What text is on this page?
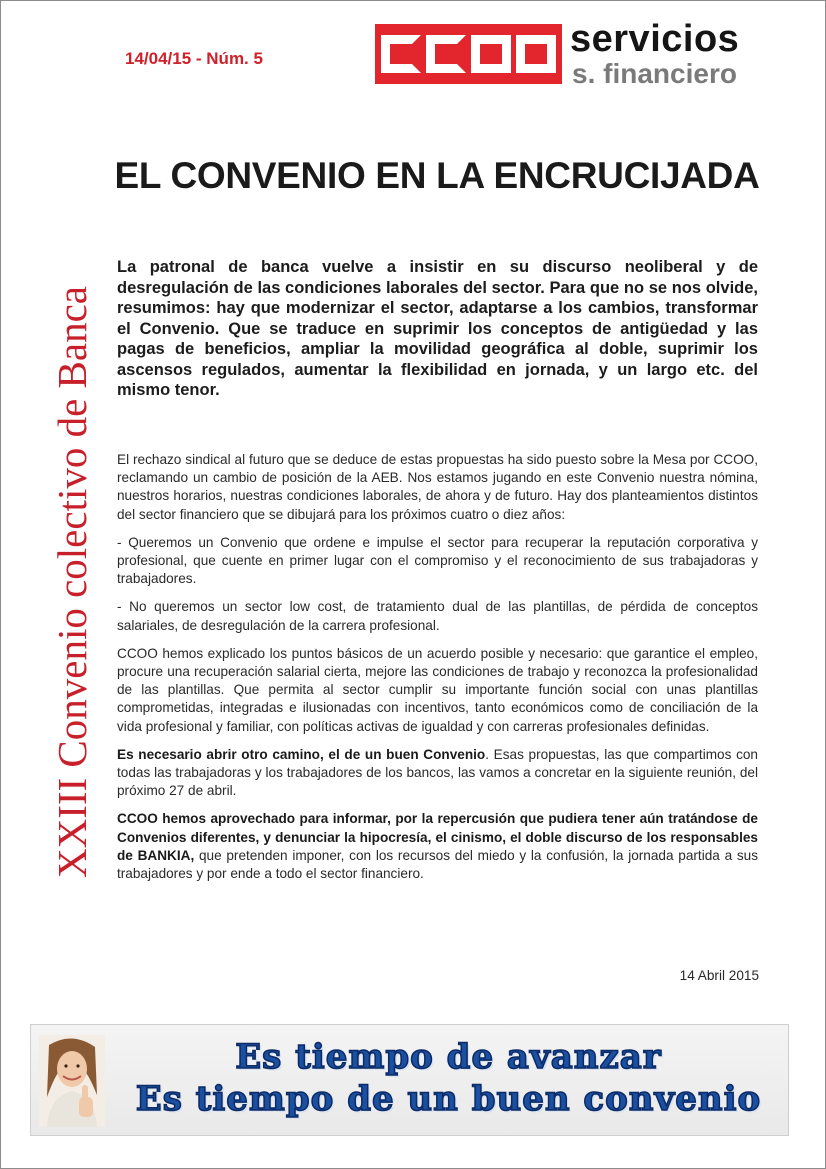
14/04/15 - Núm. 5	servicios
s. financiero
EL CONVENIO EN LA ENCRUCIJADA
XXIII Convenio colectivo de Banca

La patronal de banca vuelve a insistir en su discurso neoliberal y de desregulación de las condiciones laborales del sector. Para que no se nos olvide, resumimos: hay que modernizar el sector, adaptarse a los cambios, transformar el Convenio. Que se traduce en suprimir los conceptos de antigüedad y las pagas de beneficios, ampliar la movilidad geográfica al doble, suprimir los ascensos regulados, aumentar la flexibilidad en jornada, y un largo etc. del mismo tenor.

El rechazo sindical al futuro que se deduce de estas propuestas ha sido puesto sobre la Mesa por CCOO, reclamando un cambio de posición de la AEB. Nos estamos jugando en este Convenio nuestra nómina, nuestros horarios, nuestras condiciones laborales, de ahora y de futuro. Hay dos planteamientos distintos del sector financiero que se dibujará para los próximos cuatro o diez años:

- Queremos un Convenio que ordene e impulse el sector para recuperar la reputación corporativa y profesional, que cuente en primer lugar con el compromiso y el reconocimiento de sus trabajadoras y trabajadores.

- No queremos un sector low cost, de tratamiento dual de las plantillas, de pérdida de conceptos salariales, de desregulación de la carrera profesional.

CCOO hemos explicado los puntos básicos de un acuerdo posible y necesario: que garantice el empleo, procure una recuperación salarial cierta, mejore las condiciones de trabajo y reconozca la profesionalidad de las plantillas. Que permita al sector cumplir su importante función social con unas plantillas comprometidas, integradas e ilusionadas con incentivos, tanto económicos como de conciliación de la vida profesional y familiar, con políticas activas de igualdad y con carreras profesionales definidas.

Es necesario abrir otro camino, el de un buen Convenio. Esas propuestas, las que compartimos con todas las trabajadoras y los trabajadores de los bancos, las vamos a concretar en la siguiente reunión, del próximo 27 de abril.

CCOO hemos aprovechado para informar, por la repercusión que pudiera tener aún tratándose de Convenios diferentes, y denunciar la hipocresía, el cinismo, el doble discurso de los responsables de BANKIA, que pretenden imponer, con los recursos del miedo y la confusión, la jornada partida a sus trabajadores y por ende a todo el sector financiero.

14 Abril 2015
Es tiempo de avanzar
Es tiempo de un buen convenio
